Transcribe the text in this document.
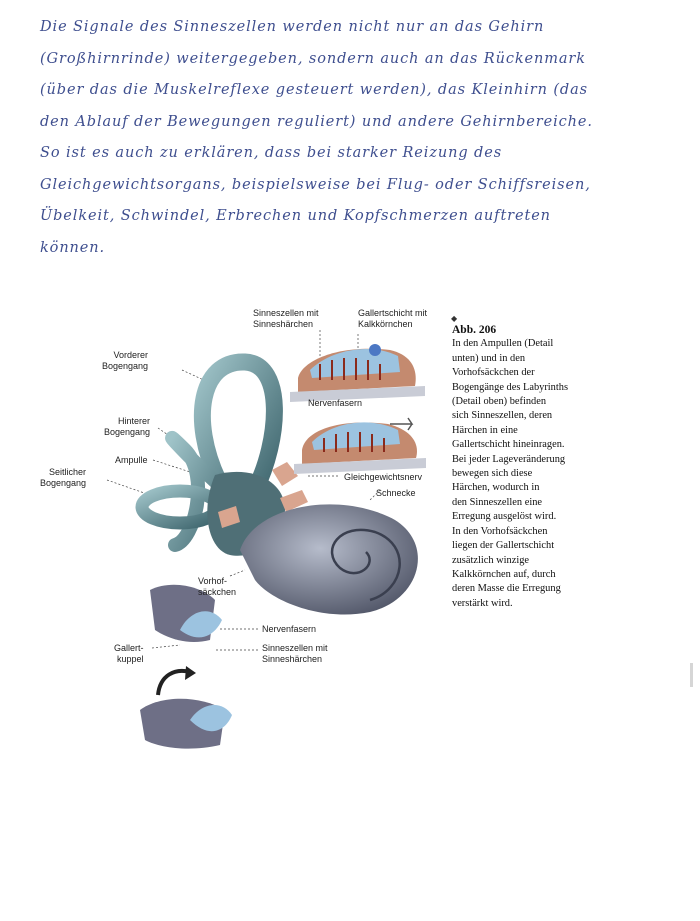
Die Signale des Sinneszellen werden nicht nur an das Gehirn
(Großhirnrinde) weitergegeben, sondern auch an das Rückenmark
(über das die Muskelreflexe gesteuert werden), das Kleinhirn (das
den Ablauf der Bewegungen reguliert) und andere Gehirnbereiche.
So ist es auch zu erklären, dass bei starker Reizung des
Gleichgewichtsorgans, beispielsweise bei Flug- oder Schiffsreisen,
Übelkeit, Schwindel, Erbrechen und Kopfschmerzen auftreten
können.
Vorderer
Bogengang
Hinterer
Bogengang
Ampulle
Seitlicher
Bogengang
Sinneszellen mit
Sinneshärchen
Gallertschicht mit
Kalkkörnchen
Nervenfasern
Gleichgewichtsnerv
Schnecke
Vorhof-
säckchen
Nervenfasern
Gallert-
kuppel
Sinneszellen mit
Sinneshärchen
◆
Abb. 206
In den Ampullen (Detail
unten) und in den
Vorhofsäckchen der
Bogengänge des Labyrinths
(Detail oben) befinden
sich Sinneszellen, deren
Härchen in eine
Gallertschicht hineinragen.
Bei jeder Lageveränderung
bewegen sich diese
Härchen, wodurch in
den Sinneszellen eine
Erregung ausgelöst wird.
In den Vorhofsäckchen
liegen der Gallertschicht
zusätzlich winzige
Kalkkörnchen auf, durch
deren Masse die Erregung
verstärkt wird.
